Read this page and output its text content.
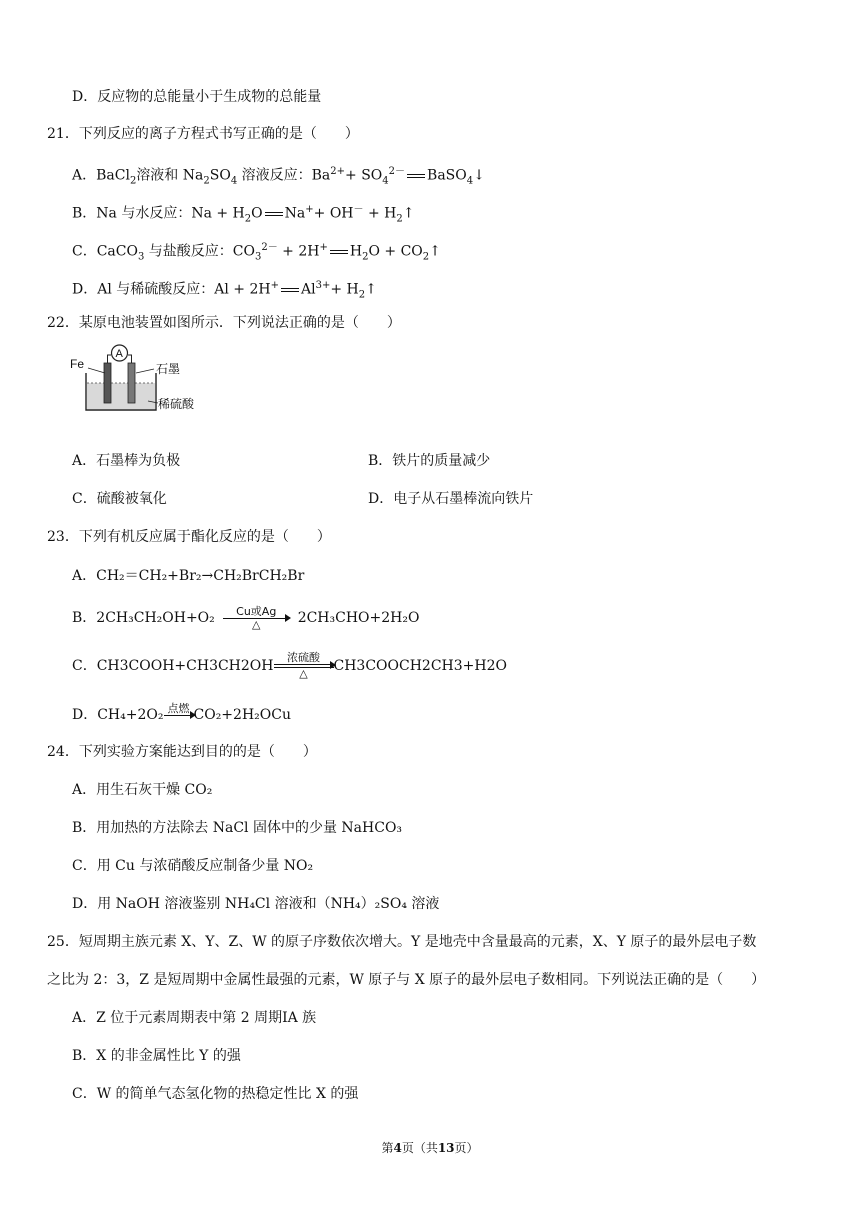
D．反应物的总能量小于生成物的总能量
21．下列反应的离子方程式书写正确的是（　　）
A．BaCl$_2$溶液和 $Na_2SO_4$ 溶液反应：$Ba^{2+}+ SO_4^{2-}$ BaSO$_4$↓
B．Na 与水反应：$Na + H_2O$ $Na^++ OH^- + H_2↑$
C．CaCO$_3$ 与盐酸反应：$CO_3^{2-} + 2H^+$ $H_2O$ + $CO_2↑$
D．Al 与稀硫酸反应：Al + 2H+ $Al^{3+}+$ $H_2↑$
22．某原电池装置如图所示．下列说法正确的是（　　）
Fe
A
石墨
稀硫酸
A．石墨棒为负极	B．铁片的质量减少
C．硫酸被氧化	D．电子从石墨棒流向铁片
23．下列有机反应属于酯化反应的是（　　）
A．CH₂＝CH₂+Br₂→CH₂BrCH₂Br
B．2CH₃CH₂OH+O₂	Cu或Ag
△	2CH₃CHO+2H₂O
C．CH3COOH+CH3CH2OH
浓硫酸
△	CH3COOCH2CH3+H2O
D．CH₄+2O₂ 点燃
CO₂+2H₂OCu
24．下列实验方案能达到目的的是（　　）
A．用生石灰干燥 CO₂
B．用加热的方法除去 NaCl 固体中的少量 NaHCO₃
C．用 Cu 与浓硝酸反应制备少量 NO₂
D．用 NaOH 溶液鉴别 NH₄Cl 溶液和（NH₄）₂SO₄ 溶液
25．短周期主族元素 X、Y、Z、W 的原子序数依次增大。Y 是地壳中含量最高的元素，X、Y 原子的最外层电子数
之比为 2：3，Z 是短周期中金属性最强的元素，W 原子与 X 原子的最外层电子数相同。下列说法正确的是（　　）
A．Z 位于元素周期表中第 2 周期ⅠA 族
B．X 的非金属性比 Y 的强
C．W 的简单气态氢化物的热稳定性比 X 的强
第4页（共13页）
